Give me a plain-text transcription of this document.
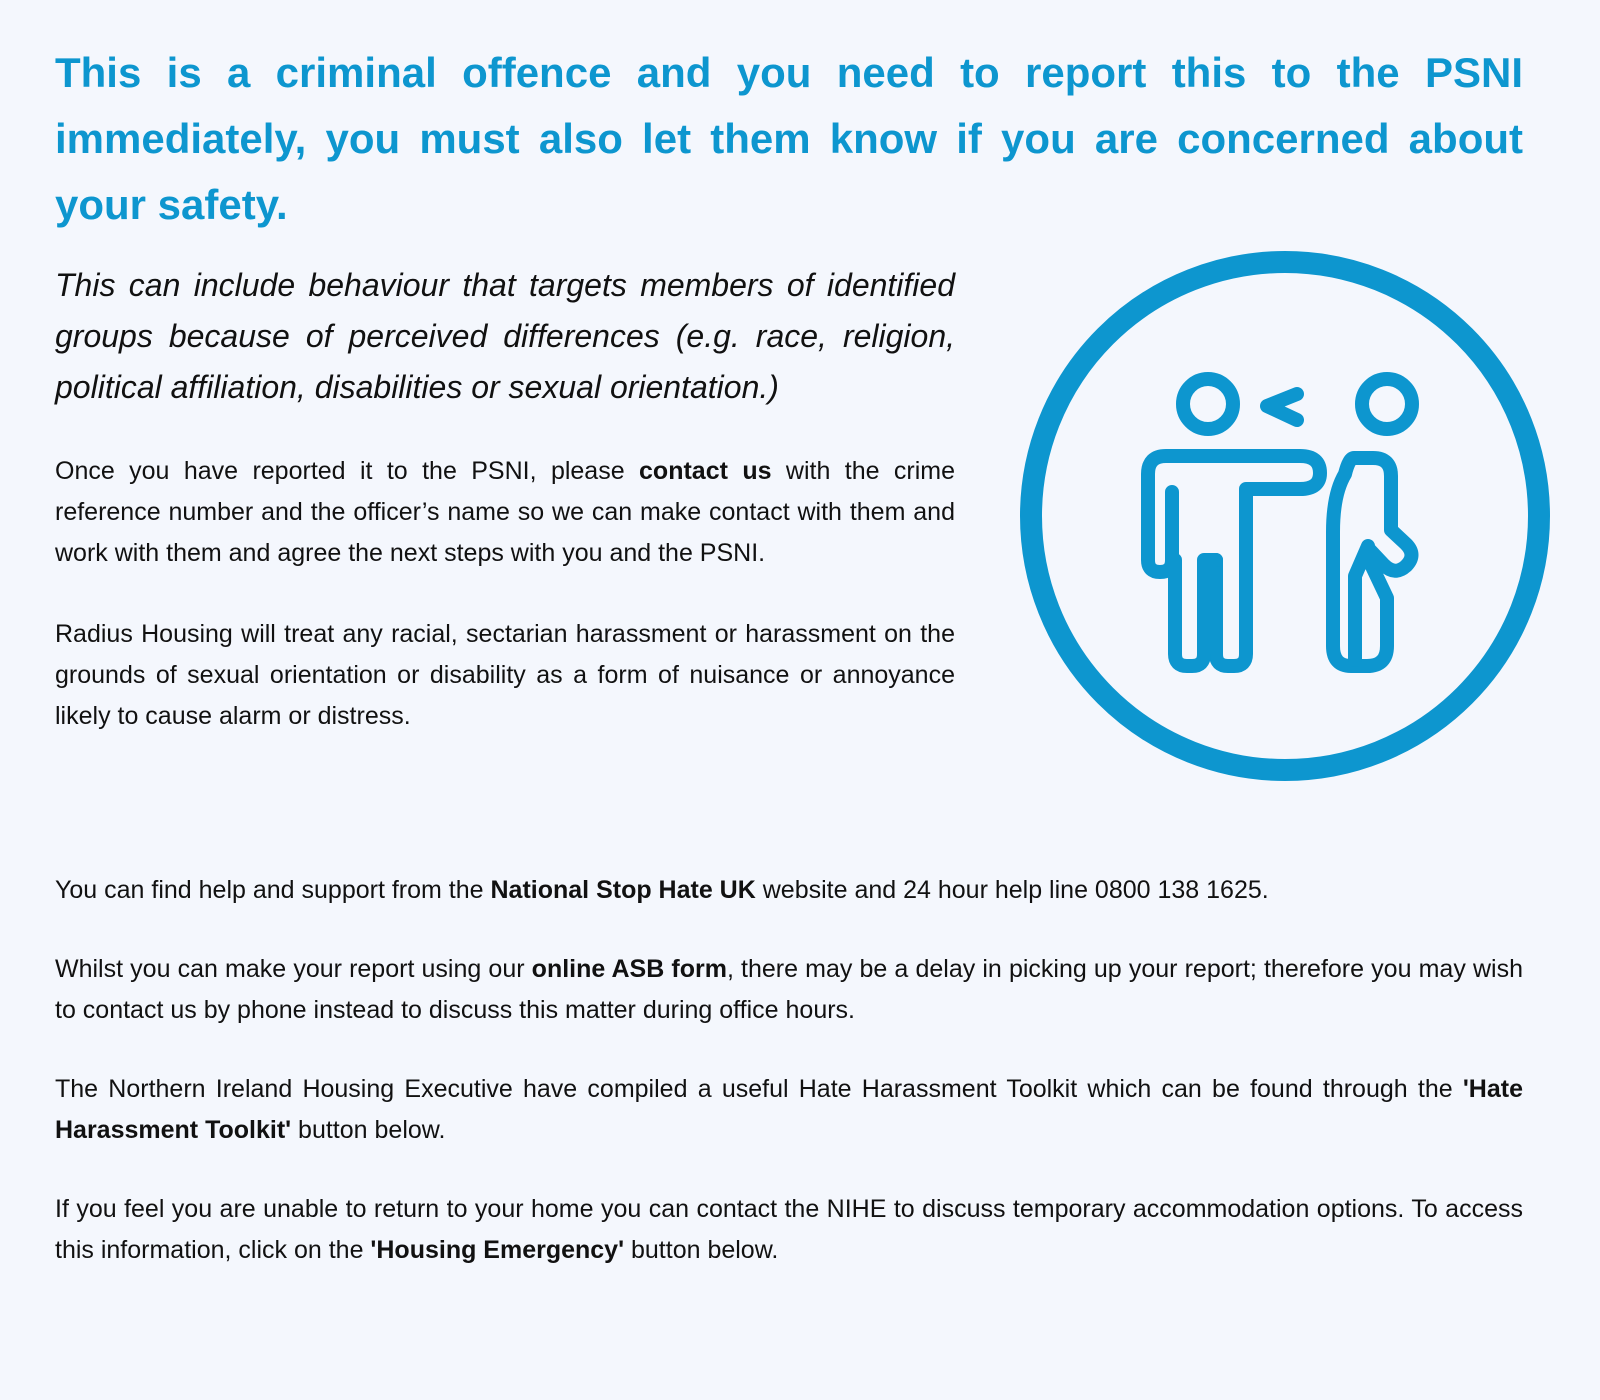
This is a criminal offence and you need to report this to the PSNI immediately, you must also let them know if you are concerned about your safety.

This can include behaviour that targets members of identified groups because of perceived differences (e.g. race, religion, political affiliation, disabilities or sexual orientation.)

Once you have reported it to the PSNI, please contact us with the crime reference number and the officer’s name so we can make contact with them and work with them and agree the next steps with you and the PSNI.

Radius Housing will treat any racial, sectarian harassment or harassment on the grounds of sexual orientation or disability as a form of nuisance or annoyance likely to cause alarm or distress.

You can find help and support from the National Stop Hate UK website and 24 hour help line 0800 138 1625.

Whilst you can make your report using our online ASB form, there may be a delay in picking up your report; therefore you may wish to contact us by phone instead to discuss this matter during office hours.

The Northern Ireland Housing Executive have compiled a useful Hate Harassment Toolkit which can be found through the 'Hate Harassment Toolkit' button below.

If you feel you are unable to return to your home you can contact the NIHE to discuss temporary accommodation options. To access this information, click on the 'Housing Emergency' button below.
